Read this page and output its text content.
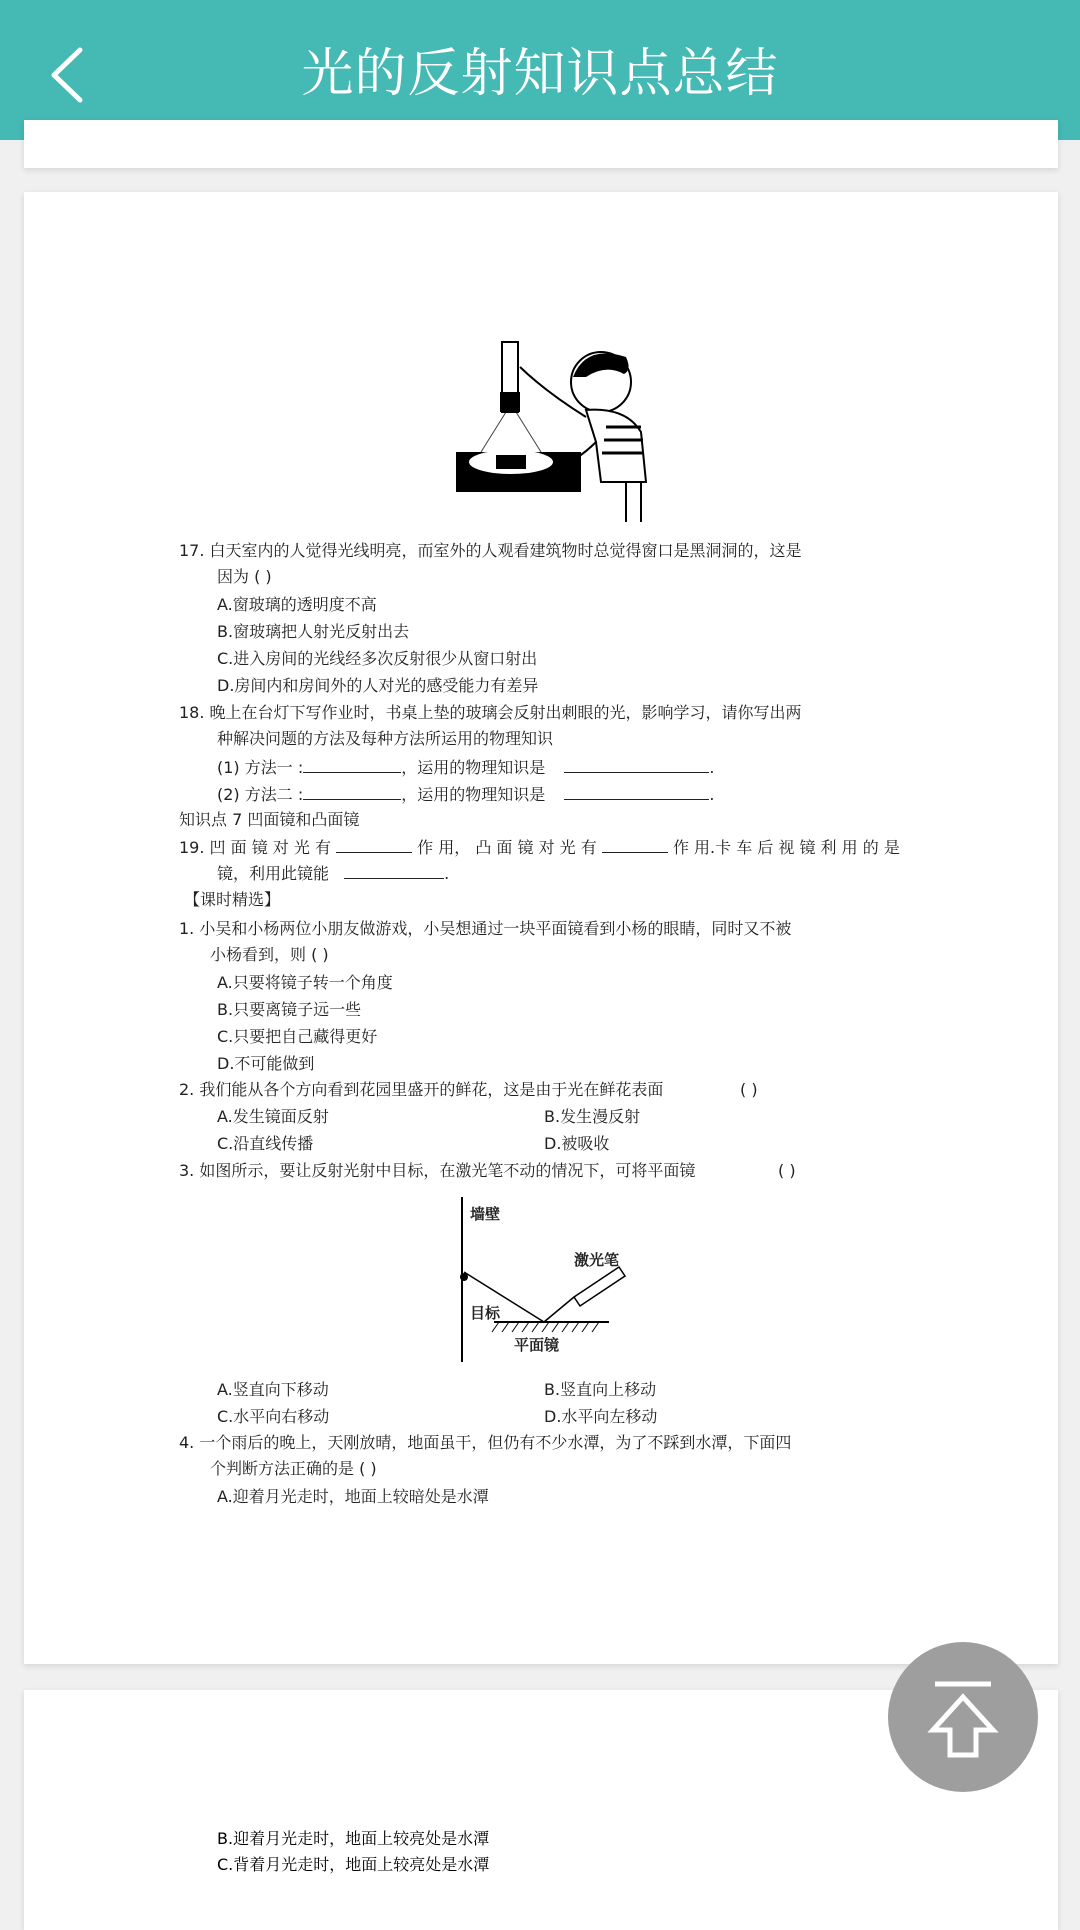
光的反射知识点总结
17. 白天室内的人觉得光线明亮，而室外的人观看建筑物时总觉得窗口是黑洞洞的，这是
因为 ( )
A.窗玻璃的透明度不高
B.窗玻璃把人射光反射出去
C.进入房间的光线经多次反射很少从窗口射出
D.房间内和房间外的人对光的感受能力有差异
18. 晚上在台灯下写作业时，书桌上垫的玻璃会反射出刺眼的光，影响学习，请你写出两
种解决问题的方法及每种方法所运用的物理知识
(1) 方法一 :	，运用的物理知识是	.
(2) 方法二 :	，运用的物理知识是	.
知识点 7 凹面镜和凸面镜
19. 凹 面 镜 对 光 有	作 用， 凸 面 镜 对 光 有	作 用.卡 车 后 视 镜 利 用 的 是
镜，利用此镜能	.
【课时精选】
1. 小吴和小杨两位小朋友做游戏，小吴想通过一块平面镜看到小杨的眼睛，同时又不被
小杨看到，则 ( )
A.只要将镜子转一个角度
B.只要离镜子远一些
C.只要把自己藏得更好
D.不可能做到
2. 我们能从各个方向看到花园里盛开的鲜花，这是由于光在鲜花表面	( )
A.发生镜面反射	B.发生漫反射
C.沿直线传播	D.被吸收
3. 如图所示，要让反射光射中目标，在激光笔不动的情况下，可将平面镜	( )
墙壁
激光笔
目标
平面镜
A.竖直向下移动	B.竖直向上移动
C.水平向右移动	D.水平向左移动
4. 一个雨后的晚上，天刚放晴，地面虽干，但仍有不少水潭，为了不踩到水潭，下面四
个判断方法正确的是 ( )
A.迎着月光走时，地面上较暗处是水潭
B.迎着月光走时，地面上较亮处是水潭
C.背着月光走时，地面上较亮处是水潭
